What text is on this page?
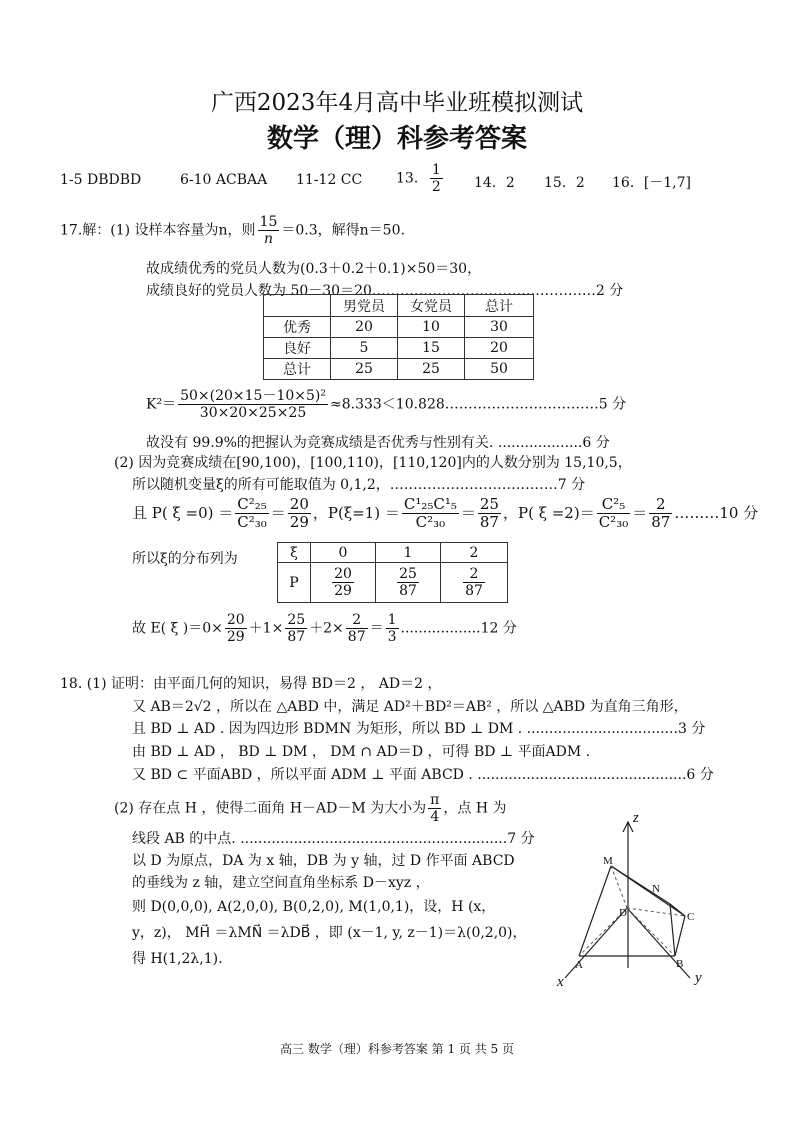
广西2023年4月高中毕业班模拟测试
数学（理）科参考答案
1-5 DBDBD	6-10 ACBAA 11-12 CC 13． $\frac{1}{2} 14$．2 15．2 16．[－1,7]
17.解：(1) 设样本容量为n，则 $\frac{15}{n} =0.3$，解得n＝50.
故成绩优秀的党员人数为(0.3＋0.2＋0.1)×50＝30，
成绩良好的党员人数为 50－30＝20…………………………………………2 分
	男党员	女党员	总计
优秀	20	10	30
良好	5	15	20
总计	25	25	50
$K^2= \frac{\text{50×(20×15－10×5)²}}{30\times 20\times 25\times 25}$ ≈8.333＜10.828……………………………5 分
故没有 99.9%的把握认为竞赛成绩是否优秀与性别有关. ...................6 分
(2) 因为竞赛成绩在[90,100)，[100,110)，[110,120]内的人数分别为 15,10,5，
所以随机变量ξ的所有可能取值为 0,1,2，………………………………7 分
且 P( $\xi =0) = \frac{\text{C²₂₅}}{\text{C²₃₀}} = \frac{20}{29}$ ，$P(\xi=1) = \frac{\text{C¹₂₅C¹₅}}{\text{C²₃₀}} = \frac{25}{87}$ ，P( $\xi =2)= \frac{\text{C²₅}}{\text{C²₃₀}} = \frac{2}{87}$ ………10 分
所以ξ的分布列为	ξ	0	1	2
P	$\frac{20}{29}$	$\frac{25}{87}$	$\frac{2}{87}$
故 E( ξ )$=0\times \frac{20}{29} +1\times \frac{25}{87} +2\times \frac{2}{87} = \frac{1}{3} ..................12$ 分
18. (1) 证明：由平面几何的知识，易得 BD＝2 ， AD＝2 ，
又 AB＝2√2 ，所以在 △ABD 中，满足 AD²＋BD²＝AB² ，所以 △ABD 为直角三角形，
且 BD ⊥ AD . 因为四边形 BDMN 为矩形，所以 BD ⊥ DM . ..................................3 分
由 BD ⊥ AD ， BD ⊥ DM ， DM ∩ AD＝D ，可得 BD ⊥ 平面ADM .
又 BD ⊂ 平面ABD ，所以平面 ADM ⊥ 平面 ABCD . ...............................................6 分
(2) 存在点 H ，使得二面角 H－AD－M 为大小为 $\frac{\pi}{4}$ ，点 H 为
线段 AB 的中点. ............................................................7 分
以 D 为原点，DA 为 x 轴，DB 为 y 轴，过 D 作平面 ABCD
的垂线为 z 轴，建立空间直角坐标系 D－xyz ，
则 D(0,0,0), A(2,0,0), B(0,2,0), M(1,0,1)，设，H (x，
y，z)， MH⃗ ＝λMN⃗ ＝λDB⃗ ，即 (x－1, y, z－1)＝λ(0,2,0)，
得 H(1,2λ,1).
z
x	y
M
N
D	C
A	B
高三 数学（理）科参考答案 第 1 页 共 5 页
